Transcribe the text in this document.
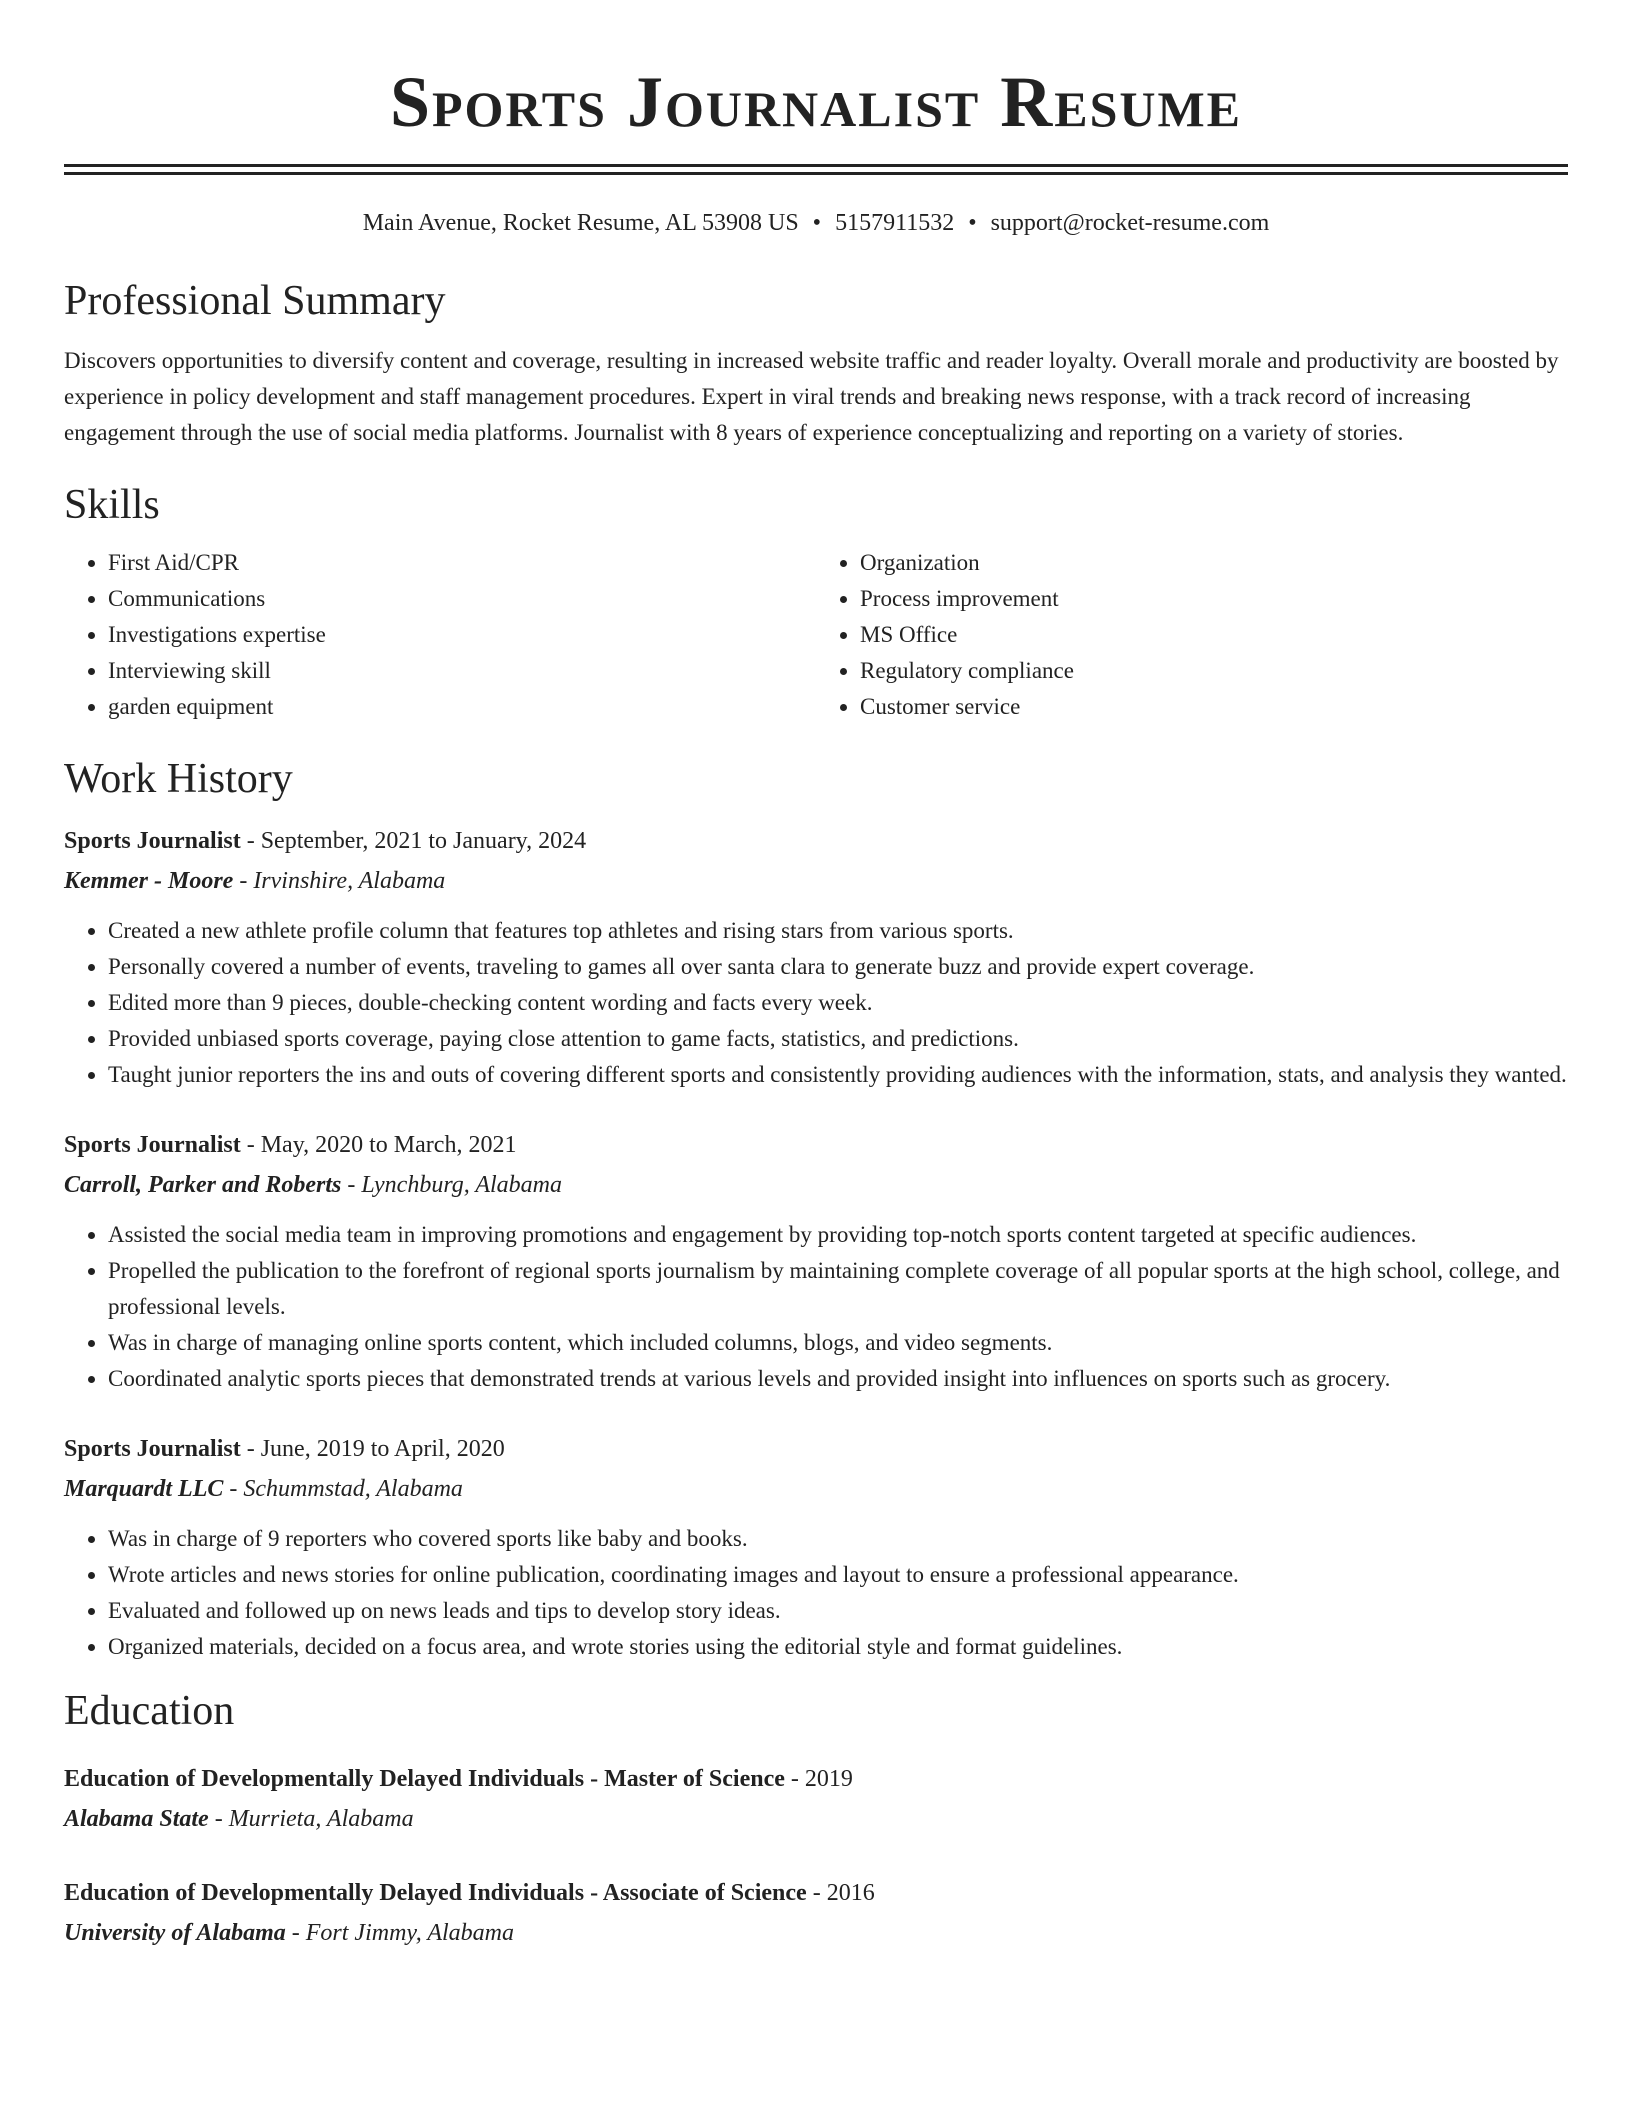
Sports Journalist Resume
Main Avenue, Rocket Resume, AL 53908 US • 5157911532 • support@rocket-resume.com
Professional Summary

Discovers opportunities to diversify content and coverage, resulting in increased website traffic and reader loyalty. Overall morale and productivity are boosted by experience in policy development and staff management procedures. Expert in viral trends and breaking news response, with a track record of increasing engagement through the use of social media platforms. Journalist with 8 years of experience conceptualizing and reporting on a variety of stories.

Skills
• First Aid/CPR
• Communications
• Investigations expertise
• Interviewing skill
• garden equipment
• Organization
• Process improvement
• MS Office
• Regulatory compliance
• Customer service
Work History
Sports Journalist - September, 2021 to January, 2024
Kemmer - Moore - Irvinshire, Alabama
• Created a new athlete profile column that features top athletes and rising stars from various sports.
• Personally covered a number of events, traveling to games all over santa clara to generate buzz and provide expert coverage.
• Edited more than 9 pieces, double-checking content wording and facts every week.
• Provided unbiased sports coverage, paying close attention to game facts, statistics, and predictions.
• Taught junior reporters the ins and outs of covering different sports and consistently providing audiences with the information, stats, and analysis they wanted.
Sports Journalist - May, 2020 to March, 2021
Carroll, Parker and Roberts - Lynchburg, Alabama
• Assisted the social media team in improving promotions and engagement by providing top-notch sports content targeted at specific audiences.
• Propelled the publication to the forefront of regional sports journalism by maintaining complete coverage of all popular sports at the high school, college, and professional levels.
• Was in charge of managing online sports content, which included columns, blogs, and video segments.
• Coordinated analytic sports pieces that demonstrated trends at various levels and provided insight into influences on sports such as grocery.
Sports Journalist - June, 2019 to April, 2020
Marquardt LLC - Schummstad, Alabama
• Was in charge of 9 reporters who covered sports like baby and books.
• Wrote articles and news stories for online publication, coordinating images and layout to ensure a professional appearance.
• Evaluated and followed up on news leads and tips to develop story ideas.
• Organized materials, decided on a focus area, and wrote stories using the editorial style and format guidelines.
Education
Education of Developmentally Delayed Individuals - Master of Science - 2019
Alabama State - Murrieta, Alabama
Education of Developmentally Delayed Individuals - Associate of Science - 2016
University of Alabama - Fort Jimmy, Alabama
